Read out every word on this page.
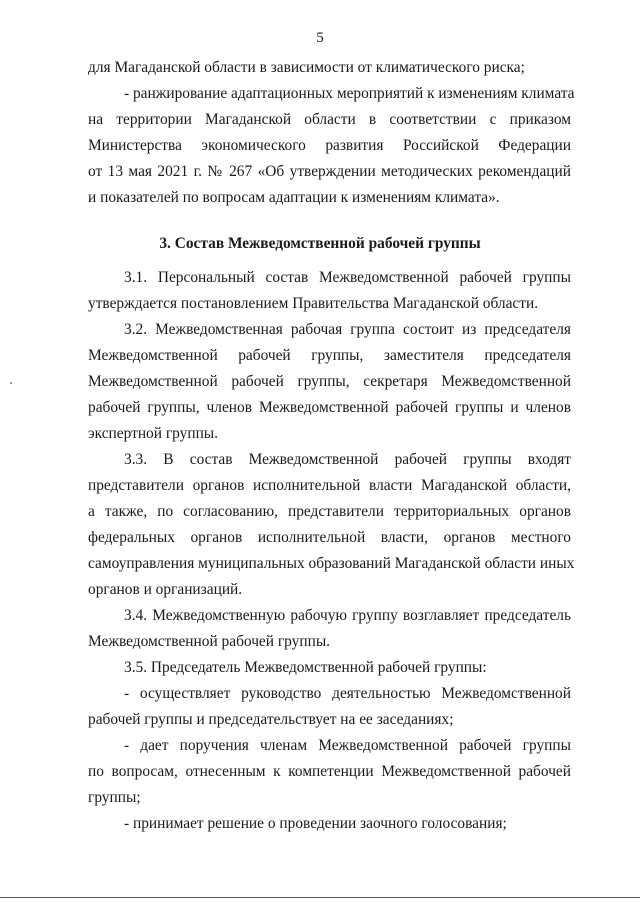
5
для Магаданской области в зависимости от климатического риска;
- ранжирование адаптационных мероприятий к изменениям климата
на территории Магаданской области в соответствии с приказом
Министерства экономического развития Российской Федерации
от 13 мая 2021 г. № 267 «Об утверждении методических рекомендаций
и показателей по вопросам адаптации к изменениям климата».
3. Состав Межведомственной рабочей группы
3.1. Персональный состав Межведомственной рабочей группы
утверждается постановлением Правительства Магаданской области.
3.2. Межведомственная рабочая группа состоит из председателя
Межведомственной рабочей группы, заместителя председателя
Межведомственной рабочей группы, секретаря Межведомственной
рабочей группы, членов Межведомственной рабочей группы и членов
экспертной группы.
3.3. В состав Межведомственной рабочей группы входят
представители органов исполнительной власти Магаданской области,
а также, по согласованию, представители территориальных органов
федеральных органов исполнительной власти, органов местного
самоуправления муниципальных образований Магаданской области иных
органов и организаций.
3.4. Межведомственную рабочую группу возглавляет председатель
Межведомственной рабочей группы.
3.5. Председатель Межведомственной рабочей группы:
- осуществляет руководство деятельностью Межведомственной
рабочей группы и председательствует на ее заседаниях;
- дает поручения членам Межведомственной рабочей группы
по вопросам, отнесенным к компетенции Межведомственной рабочей
группы;
- принимает решение о проведении заочного голосования;
